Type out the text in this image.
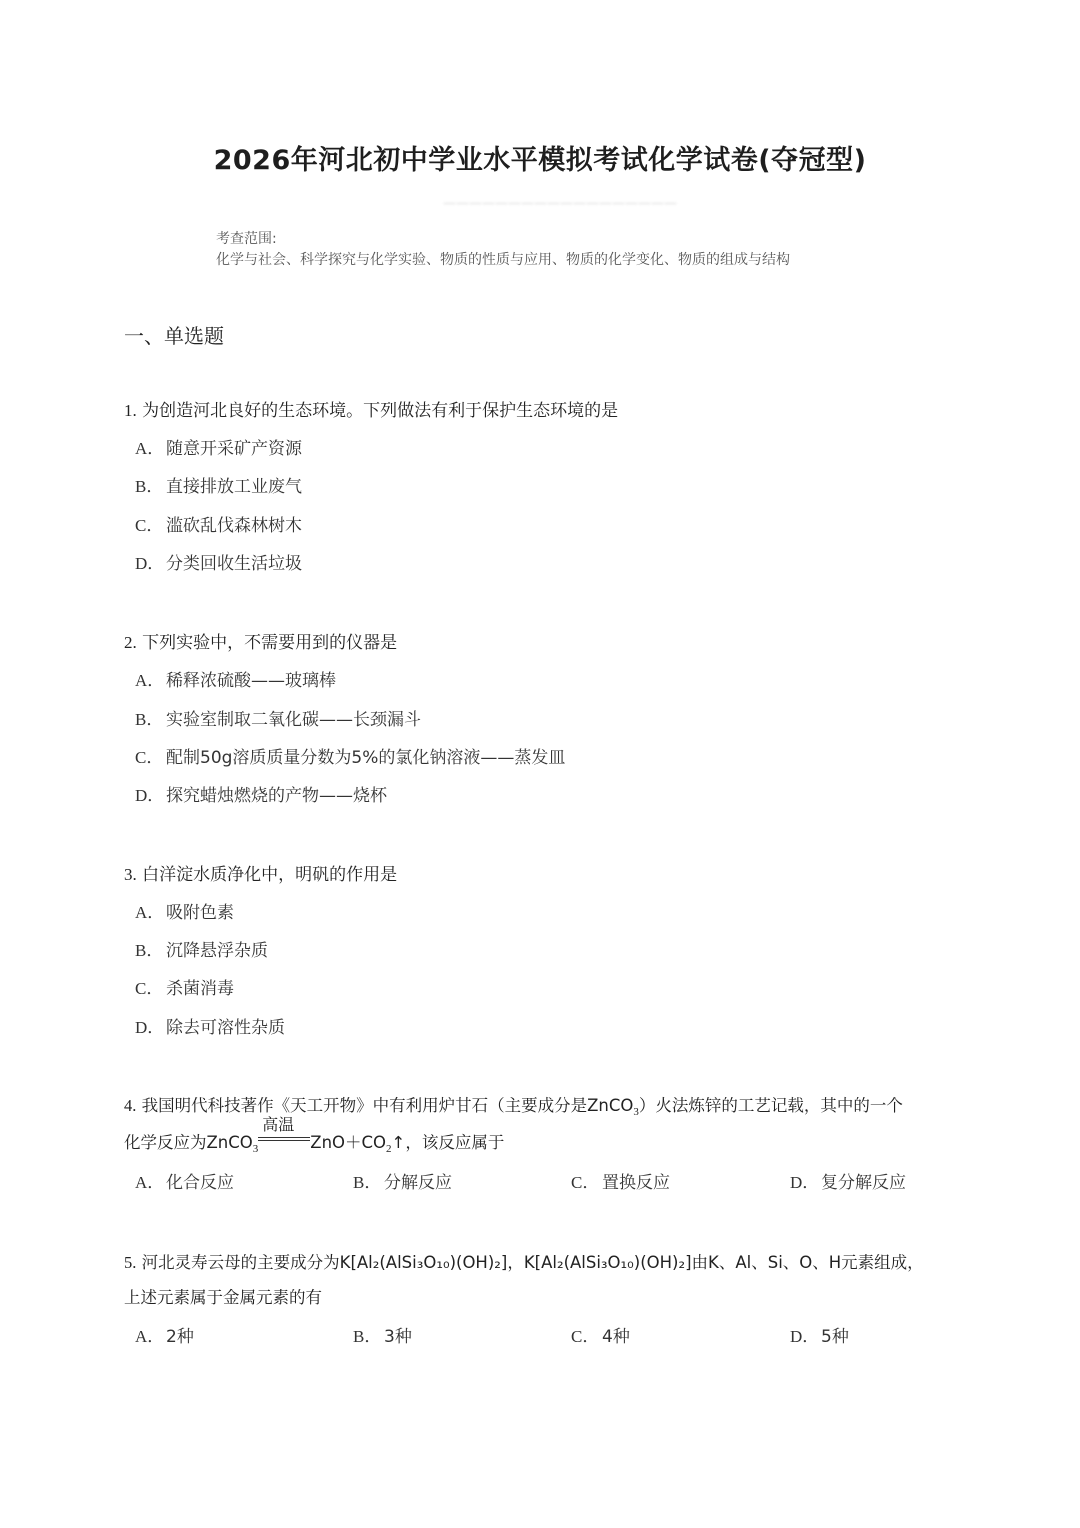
2026年河北初中学业水平模拟考试化学试卷(夺冠型)
——————————————————
考查范围:
化学与社会、科学探究与化学实验、物质的性质与应用、物质的化学变化、物质的组成与结构
一、单选题
1. 为创造河北良好的生态环境。下列做法有利于保护生态环境的是
A． 随意开采矿产资源
B． 直接排放工业废气
C． 滥砍乱伐森林树木
D． 分类回收生活垃圾
2. 下列实验中，不需要用到的仪器是
A． 稀释浓硫酸——玻璃棒
B． 实验室制取二氧化碳——长颈漏斗
C． 配制50g溶质质量分数为5%的氯化钠溶液——蒸发皿
D． 探究蜡烛燃烧的产物——烧杯
3. 白洋淀水质净化中，明矾的作用是
A． 吸附色素
B． 沉降悬浮杂质
C． 杀菌消毒
D． 除去可溶性杂质
4. 我国明代科技著作《天工开物》中有利用炉甘石（主要成分是ZnCO$_3$）火法炼锌的工艺记载，其中的一个
化学反应为ZnCO$_3$
高温
$ZnO+CO_2↑$，该反应属于
A． 化合反应	B． 分解反应	C． 置换反应	D． 复分解反应
5. 河北灵寿云母的主要成分为K[Al₂(AlSi₃O₁₀)(OH)₂]，K[Al₂(AlSi₃O₁₀)(OH)₂]由K、Al、Si、O、H元素组成，
上述元素属于金属元素的有
A． 2种	B． 3种	C． 4种	D． 5种
